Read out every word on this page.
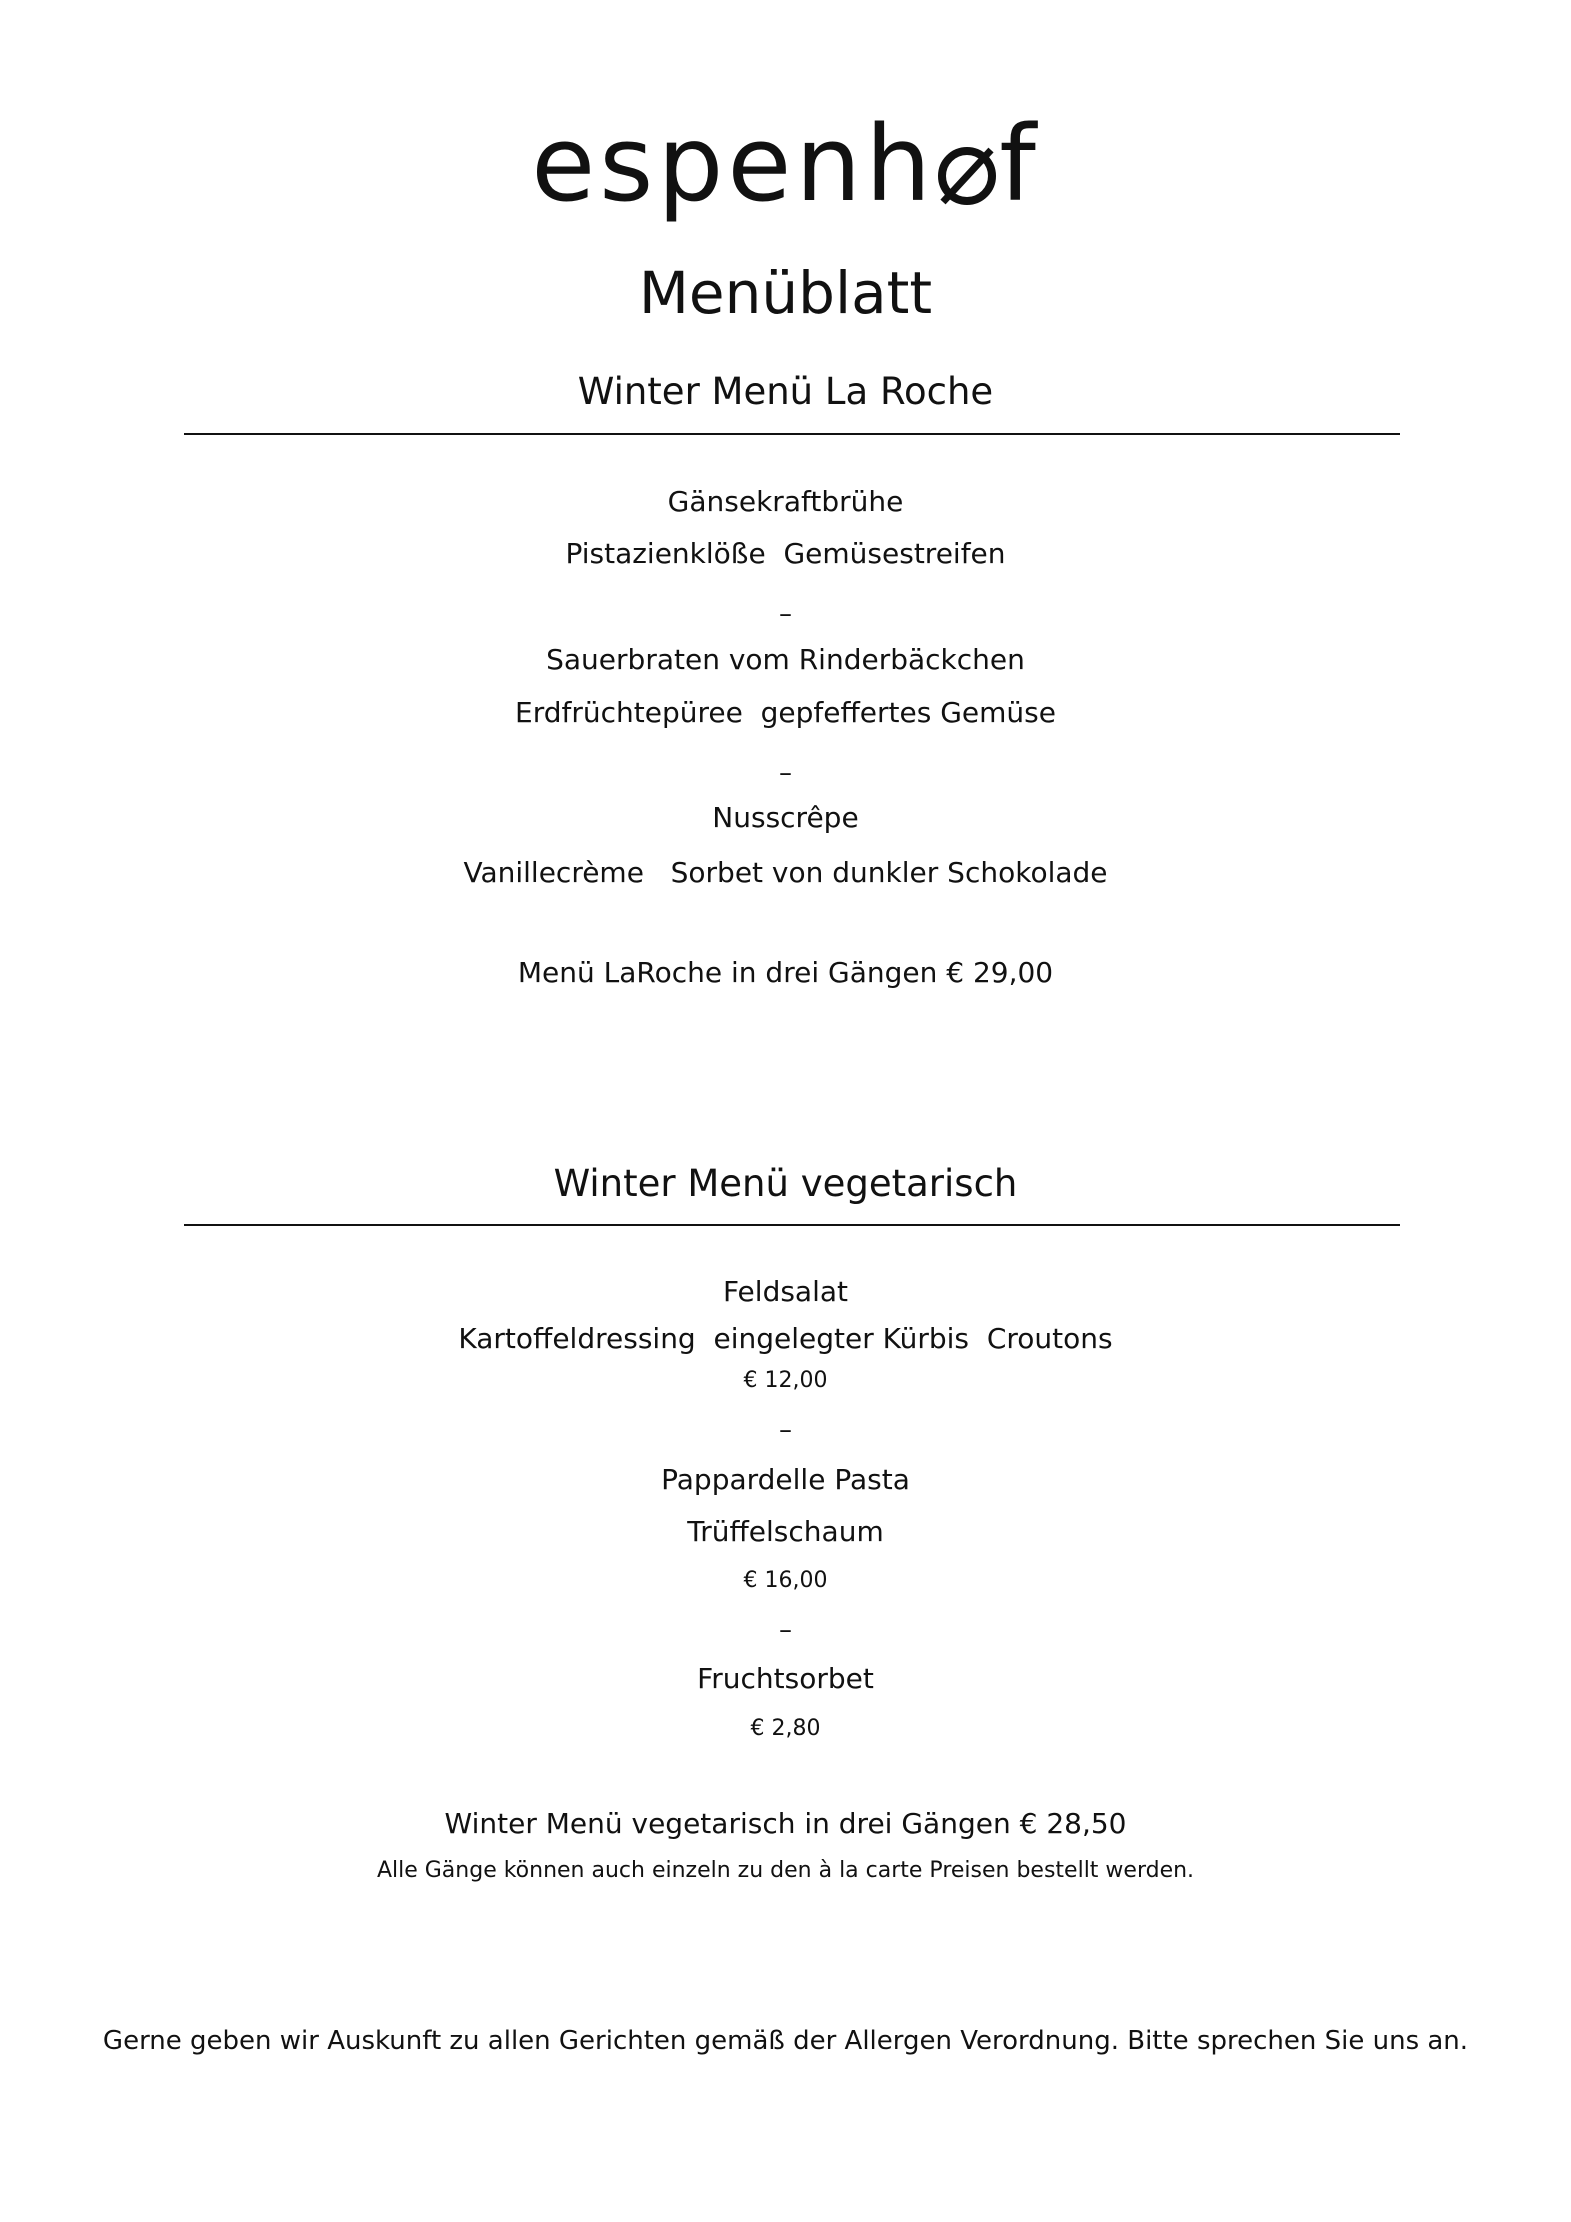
espenh f
Menüblatt
Winter Menü La Roche

Gänsekraftbrühe

Pistazienklöße  Gemüsestreifen

–

Sauerbraten vom Rinderbäckchen

Erdfrüchtepüree  gepfeffertes Gemüse

–

Nusscrêpe

Vanillecrème   Sorbet von dunkler Schokolade

Menü LaRoche in drei Gängen € 29,00

Winter Menü vegetarisch

Feldsalat

Kartoffeldressing  eingelegter Kürbis  Croutons

€ 12,00

–

Pappardelle Pasta

Trüffelschaum

€ 16,00

–

Fruchtsorbet

€ 2,80

Winter Menü vegetarisch in drei Gängen € 28,50

Alle Gänge können auch einzeln zu den à la carte Preisen bestellt werden.

Gerne geben wir Auskunft zu allen Gerichten gemäß der Allergen Verordnung. Bitte sprechen Sie uns an.
